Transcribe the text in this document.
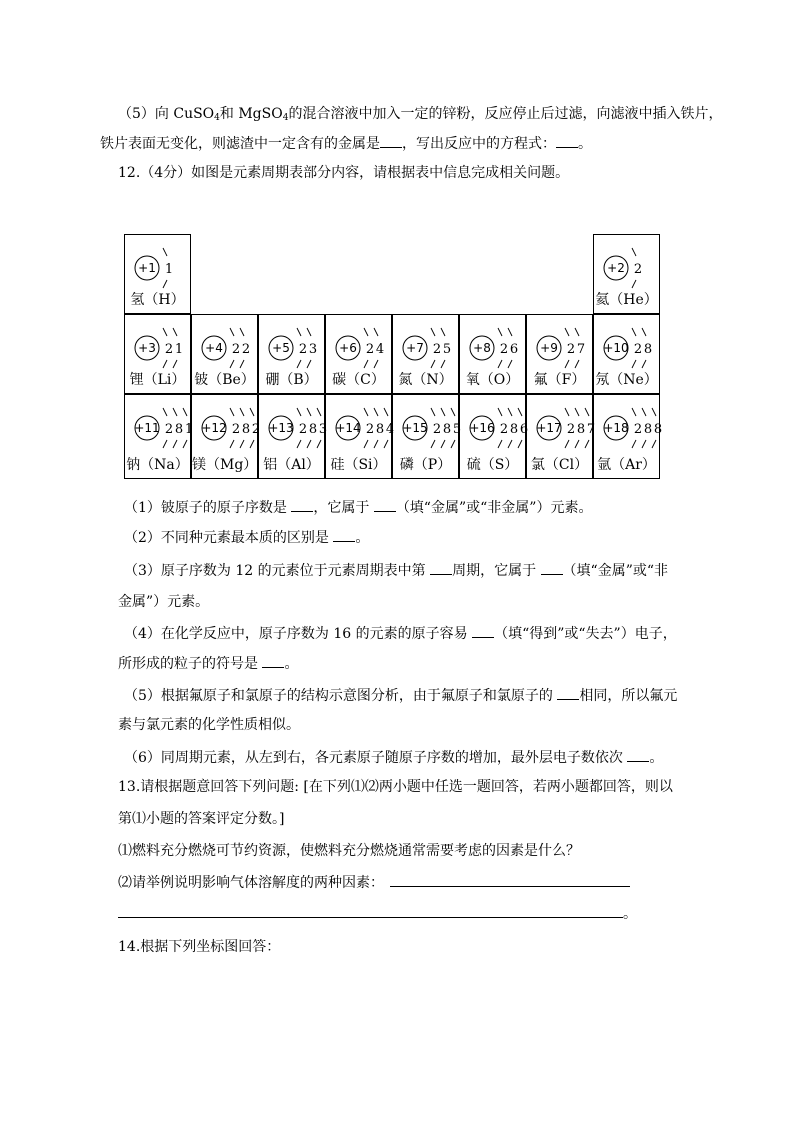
（5）向 CuSO$_4$和 MgSO$_4$的混合溶液中加入一定的锌粉，反应停止后过滤，向滤液中插入铁片，
铁片表面无变化，则滤渣中一定含有的金属是 ，写出反应中的方程式： 。
12.（4分）如图是元素周期表部分内容，请根据表中信息完成相关问题。
+1 1
氢（H）
+2 2
氦（He）
+3 2 1
锂（Li）
+4 2 2
铍（Be）
+5 2 3
硼（B）
+6 2 4
碳（C）
+7 2 5
氮（N）
+8 2 6
氧（O）
+9 2 7
氟（F）
+10 2 8
氖（Ne）
+11 2 8 1
钠（Na）
+12 2 8 2
镁（Mg）
+13 2 8 3
铝（Al）
+14 2 8 4
硅（Si）
+15 2 8 5
磷（P）
+16 2 8 6
硫（S）
+17 2 8 7
氯（Cl）
+18 2 8 8
氩（Ar）
（1）铍原子的原子序数是 ，它属于 （填“金属”或“非金属”）元素。
（2）不同种元素最本质的区别是 。
（3）原子序数为 12 的元素位于元素周期表中第 周期，它属于 （填“金属”或“非
金属”）元素。
（4）在化学反应中，原子序数为 16 的元素的原子容易 （填“得到”或“失去”）电子，
所形成的粒子的符号是 。
（5）根据氟原子和氯原子的结构示意图分析，由于氟原子和氯原子的 相同，所以氟元
素与氯元素的化学性质相似。
（6）同周期元素，从左到右，各元素原子随原子序数的增加，最外层电子数依次 。
13.请根据题意回答下列问题: [在下列⑴⑵两小题中任选一题回答，若两小题都回答，则以
第⑴小题的答案评定分数。]
⑴燃料充分燃烧可节约资源，使燃料充分燃烧通常需要考虑的因素是什么？
⑵请举例说明影响气体溶解度的两种因素：
。
14.根据下列坐标图回答：
